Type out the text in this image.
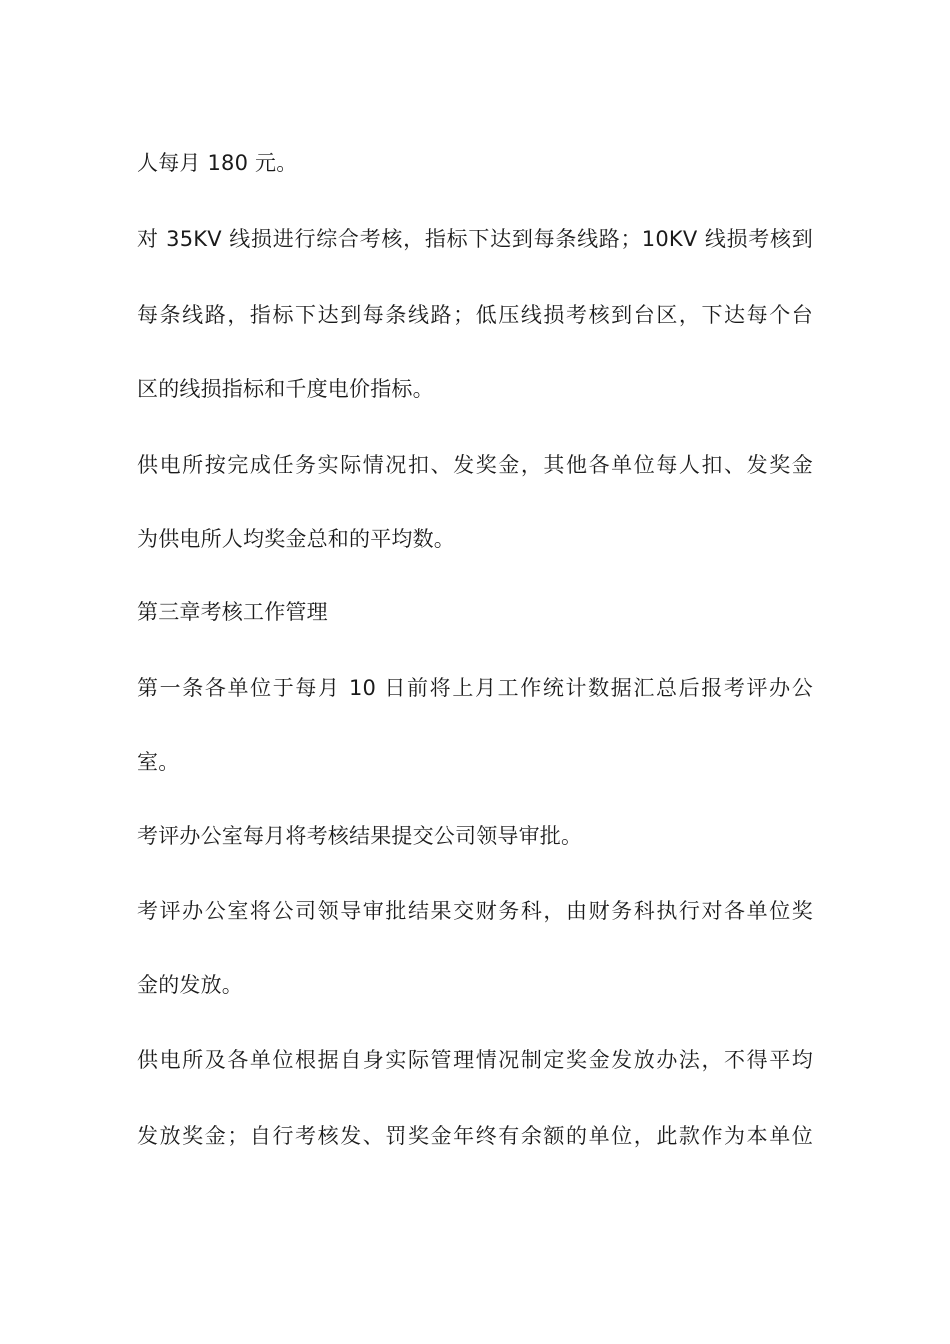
人每月 180 元。
对 35KV 线损进行综合考核，指标下达到每条线路；10KV 线损考核到
每条线路，指标下达到每条线路；低压线损考核到台区，下达每个台
区的线损指标和千度电价指标。
供电所按完成任务实际情况扣、发奖金，其他各单位每人扣、发奖金
为供电所人均奖金总和的平均数。
第三章考核工作管理
第一条各单位于每月 10 日前将上月工作统计数据汇总后报考评办公
室。
考评办公室每月将考核结果提交公司领导审批。
考评办公室将公司领导审批结果交财务科，由财务科执行对各单位奖
金的发放。
供电所及各单位根据自身实际管理情况制定奖金发放办法，不得平均
发放奖金；自行考核发、罚奖金年终有余额的单位，此款作为本单位
